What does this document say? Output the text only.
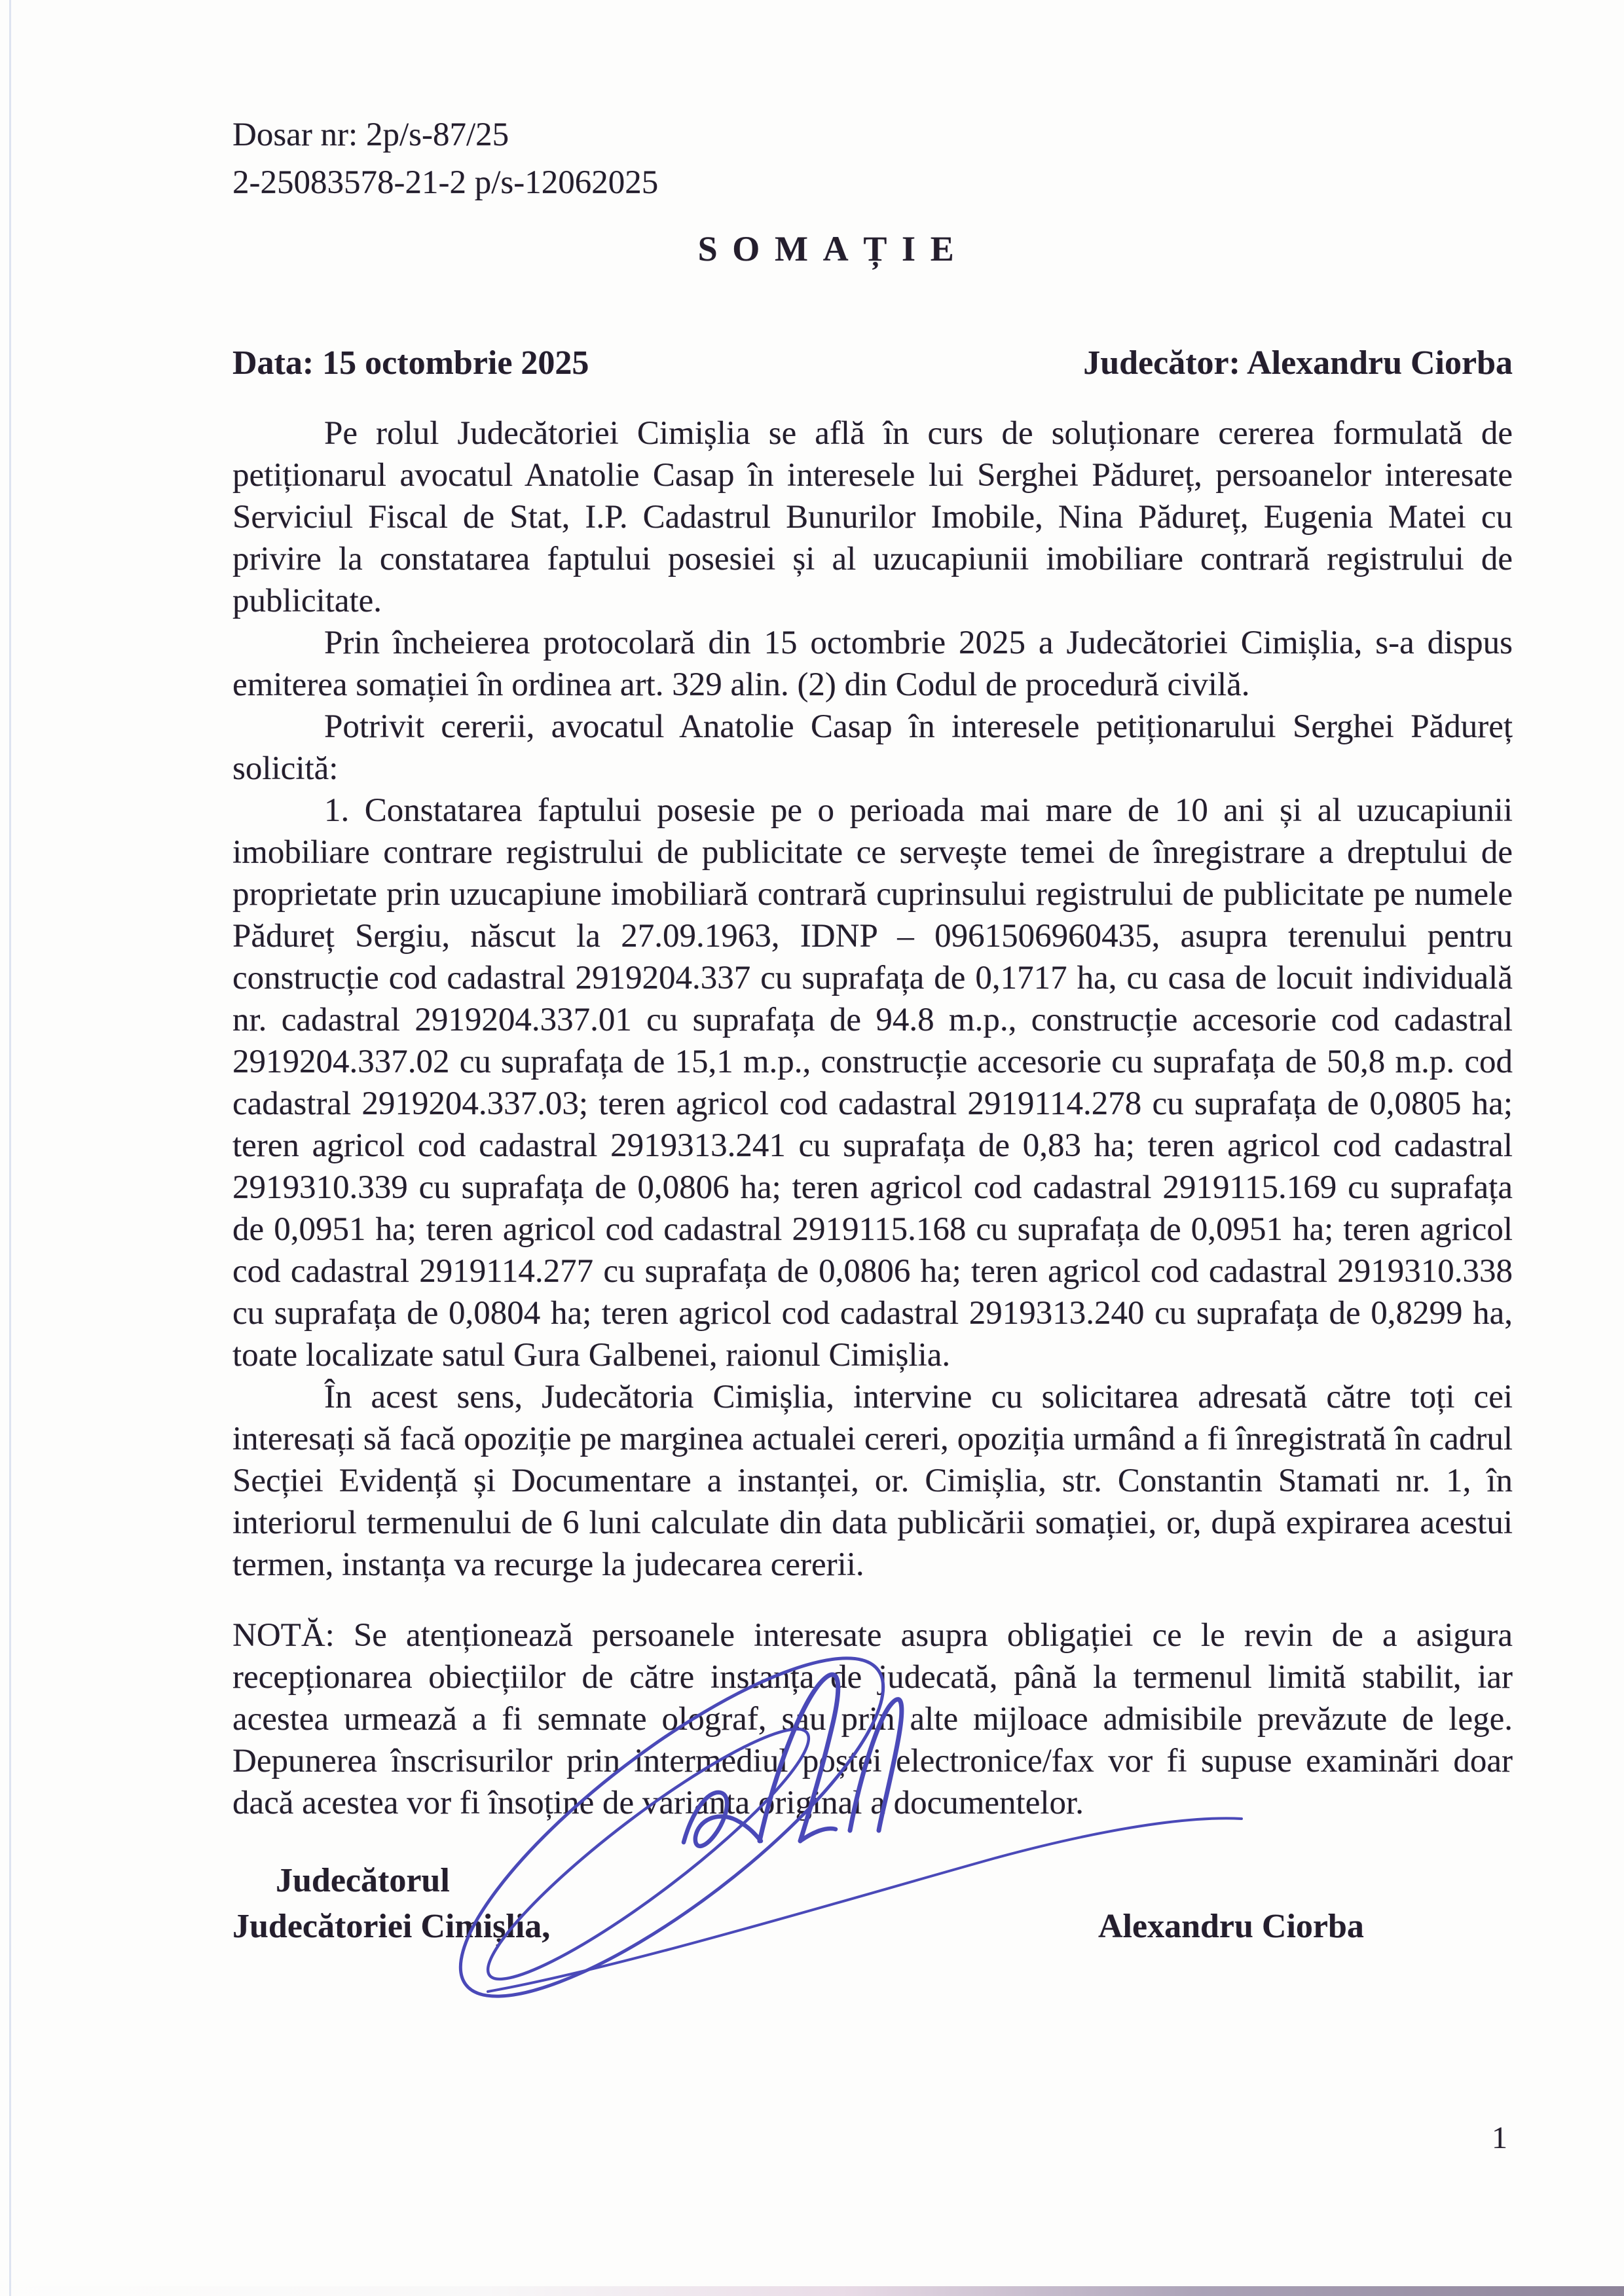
Dosar nr: 2p/s-87/25
2-25083578-21-2 p/s-12062025
SOMAȚIE
Data: 15 octombrie 2025	Judecător: Alexandru Ciorba

Pe rolul Judecătoriei Cimișlia se află în curs de soluționare cererea formulată de petiționarul avocatul Anatolie Casap în interesele lui Serghei Pădureț, persoanelor interesate Serviciul Fiscal de Stat, I.P. Cadastrul Bunurilor Imobile, Nina Pădureț, Eugenia Matei cu privire la constatarea faptului posesiei și al uzucapiunii imobiliare contrară registrului de publicitate.

Prin încheierea protocolară din 15 octombrie 2025 a Judecătoriei Cimișlia, s-a dispus emiterea somației în ordinea art. 329 alin. (2) din Codul de procedură civilă.

Potrivit cererii, avocatul Anatolie Casap în interesele petiționarului Serghei Pădureț solicită:

1. Constatarea faptului posesie pe o perioada mai mare de 10 ani și al uzucapiunii imobiliare contrare registrului de publicitate ce servește temei de înregistrare a dreptului de proprietate prin uzucapiune imobiliară contrară cuprinsului registrului de publicitate pe numele Pădureț Sergiu, născut la 27.09.1963, IDNP – 0961506960435, asupra terenului pentru construcție cod cadastral 2919204.337 cu suprafața de 0,1717 ha, cu casa de locuit individuală nr. cadastral 2919204.337.01 cu suprafața de 94.8 m.p., construcție accesorie cod cadastral 2919204.337.02 cu suprafața de 15,1 m.p., construcție accesorie cu suprafața de 50,8 m.p. cod cadastral 2919204.337.03; teren agricol cod cadastral 2919114.278 cu suprafața de 0,0805 ha; teren agricol cod cadastral 2919313.241 cu suprafața de 0,83 ha; teren agricol cod cadastral 2919310.339 cu suprafața de 0,0806 ha; teren agricol cod cadastral 2919115.169 cu suprafața de 0,0951 ha; teren agricol cod cadastral 2919115.168 cu suprafața de 0,0951 ha; teren agricol cod cadastral 2919114.277 cu suprafața de 0,0806 ha; teren agricol cod cadastral 2919310.338 cu suprafața de 0,0804 ha; teren agricol cod cadastral 2919313.240 cu suprafața de 0,8299 ha, toate localizate satul Gura Galbenei, raionul Cimișlia.

În acest sens, Judecătoria Cimișlia, intervine cu solicitarea adresată către toți cei interesați să facă opoziție pe marginea actualei cereri, opoziția urmând a fi înregistrată în cadrul Secției Evidență și Documentare a instanței, or. Cimișlia, str. Constantin Stamati nr. 1, în interiorul termenului de 6 luni calculate din data publicării somației, or, după expirarea acestui termen, instanța va recurge la judecarea cererii.

NOTĂ: Se atenționează persoanele interesate asupra obligației ce le revin de a asigura recepționarea obiecțiilor de către instanța de judecată, până la termenul limită stabilit, iar acestea urmează a fi semnate olograf, sau prin alte mijloace admisibile prevăzute de lege. Depunerea înscrisurilor prin intermediul poștei electronice/fax vor fi supuse examinări doar dacă acestea vor fi însoține de varianta original a documentelor.

Judecătorul
Judecătoriei Cimișlia,	Alexandru Ciorba
1
